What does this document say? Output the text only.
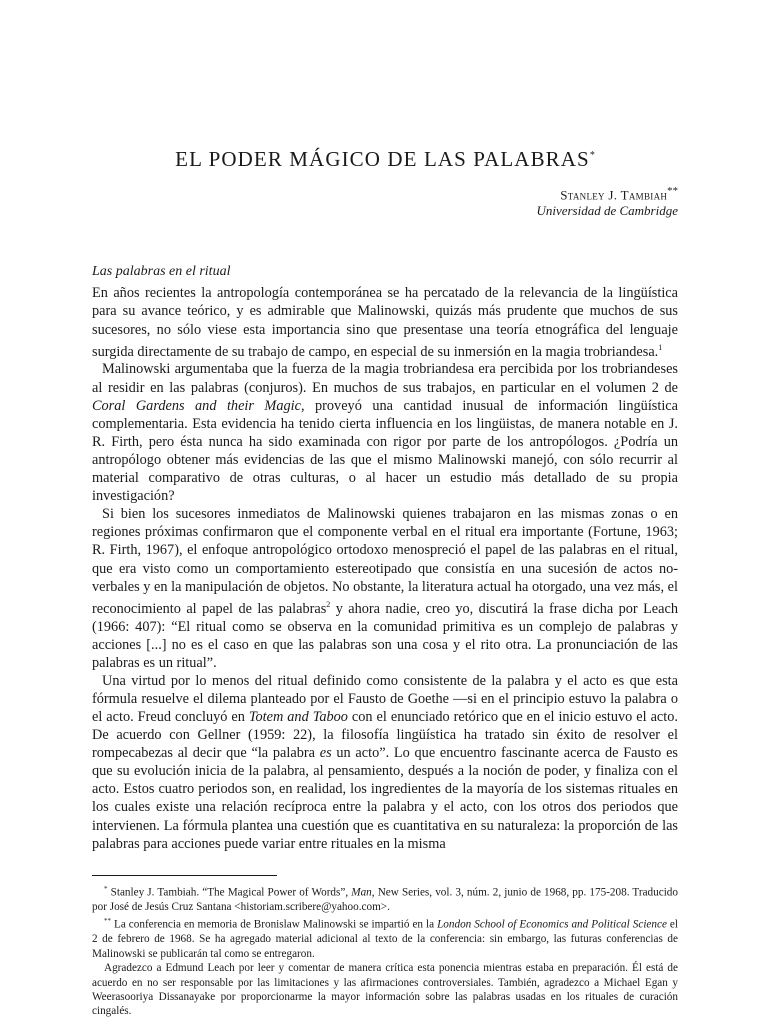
EL PODER MÁGICO DE LAS PALABRAS*
Stanley J. Tambiah**
Universidad de Cambridge
Las palabras en el ritual

En años recientes la antropología contemporánea se ha percatado de la relevancia de la lingüística para su avance teórico, y es admirable que Malinowski, quizás más prudente que muchos de sus sucesores, no sólo viese esta importancia sino que presentase una teoría etnográfica del lenguaje surgida directamente de su trabajo de campo, en especial de su inmersión en la magia trobriandesa.$^1$

Malinowski argumentaba que la fuerza de la magia trobriandesa era percibida por los trobriandeses al residir en las palabras (conjuros). En muchos de sus trabajos, en particular en el volumen 2 de Coral Gardens and their Magic, proveyó una cantidad inusual de información lingüística complementaria. Esta evidencia ha tenido cierta influencia en los lingüistas, de manera notable en J. R. Firth, pero ésta nunca ha sido examinada con rigor por parte de los antropólogos. ¿Podría un antropólogo obtener más evidencias de las que el mismo Malinowski manejó, con sólo recurrir al material comparativo de otras culturas, o al hacer un estudio más detallado de su propia investigación?

Si bien los sucesores inmediatos de Malinowski quienes trabajaron en las mismas zonas o en regiones próximas confirmaron que el componente verbal en el ritual era importante (Fortune, 1963; R. Firth, 1967), el enfoque antropológico ortodoxo menospreció el papel de las palabras en el ritual, que era visto como un comportamiento estereotipado que consistía en una sucesión de actos no-verbales y en la manipulación de objetos. No obstante, la literatura actual ha otorgado, una vez más, el reconocimiento al papel de las palabras$^2$ y ahora nadie, creo yo, discutirá la frase dicha por Leach (1966: 407): “El ritual como se observa en la comunidad primitiva es un complejo de palabras y acciones [...] no es el caso en que las palabras son una cosa y el rito otra. La pronunciación de las palabras es un ritual”.

Una virtud por lo menos del ritual definido como consistente de la palabra y el acto es que esta fórmula resuelve el dilema planteado por el Fausto de Goethe —si en el principio estuvo la palabra o el acto. Freud concluyó en Totem and Taboo con el enunciado retórico que en el inicio estuvo el acto. De acuerdo con Gellner (1959: 22), la filosofía lingüística ha tratado sin éxito de resolver el rompecabezas al decir que “la palabra es un acto”. Lo que encuentro fascinante acerca de Fausto es que su evolución inicia de la palabra, al pensamiento, después a la noción de poder, y finaliza con el acto. Estos cuatro periodos son, en realidad, los ingredientes de la mayoría de los sistemas rituales en los cuales existe una relación recíproca entre la palabra y el acto, con los otros dos periodos que intervienen. La fórmula plantea una cuestión que es cuantitativa en su naturaleza: la proporción de las palabras para acciones puede variar entre rituales en la misma

* Stanley J. Tambiah. “The Magical Power of Words”, Man, New Series, vol. 3, núm. 2, junio de 1968, pp. 175-208. Traducido por José de Jesús Cruz Santana <historiam.scribere@yahoo.com>.

** La conferencia en memoria de Bronislaw Malinowski se impartió en la London School of Economics and Political Science el 2 de febrero de 1968. Se ha agregado material adicional al texto de la conferencia: sin embargo, las futuras conferencias de Malinowski se publicarán tal como se entregaron.

Agradezco a Edmund Leach por leer y comentar de manera crítica esta ponencia mientras estaba en preparación. Él está de acuerdo en no ser responsable por las limitaciones y las afirmaciones controversiales. También, agradezco a Michael Egan y Weerasooriya Dissanayake por proporcionarme la mayor información sobre las palabras usadas en los rituales de curación cingalés.
